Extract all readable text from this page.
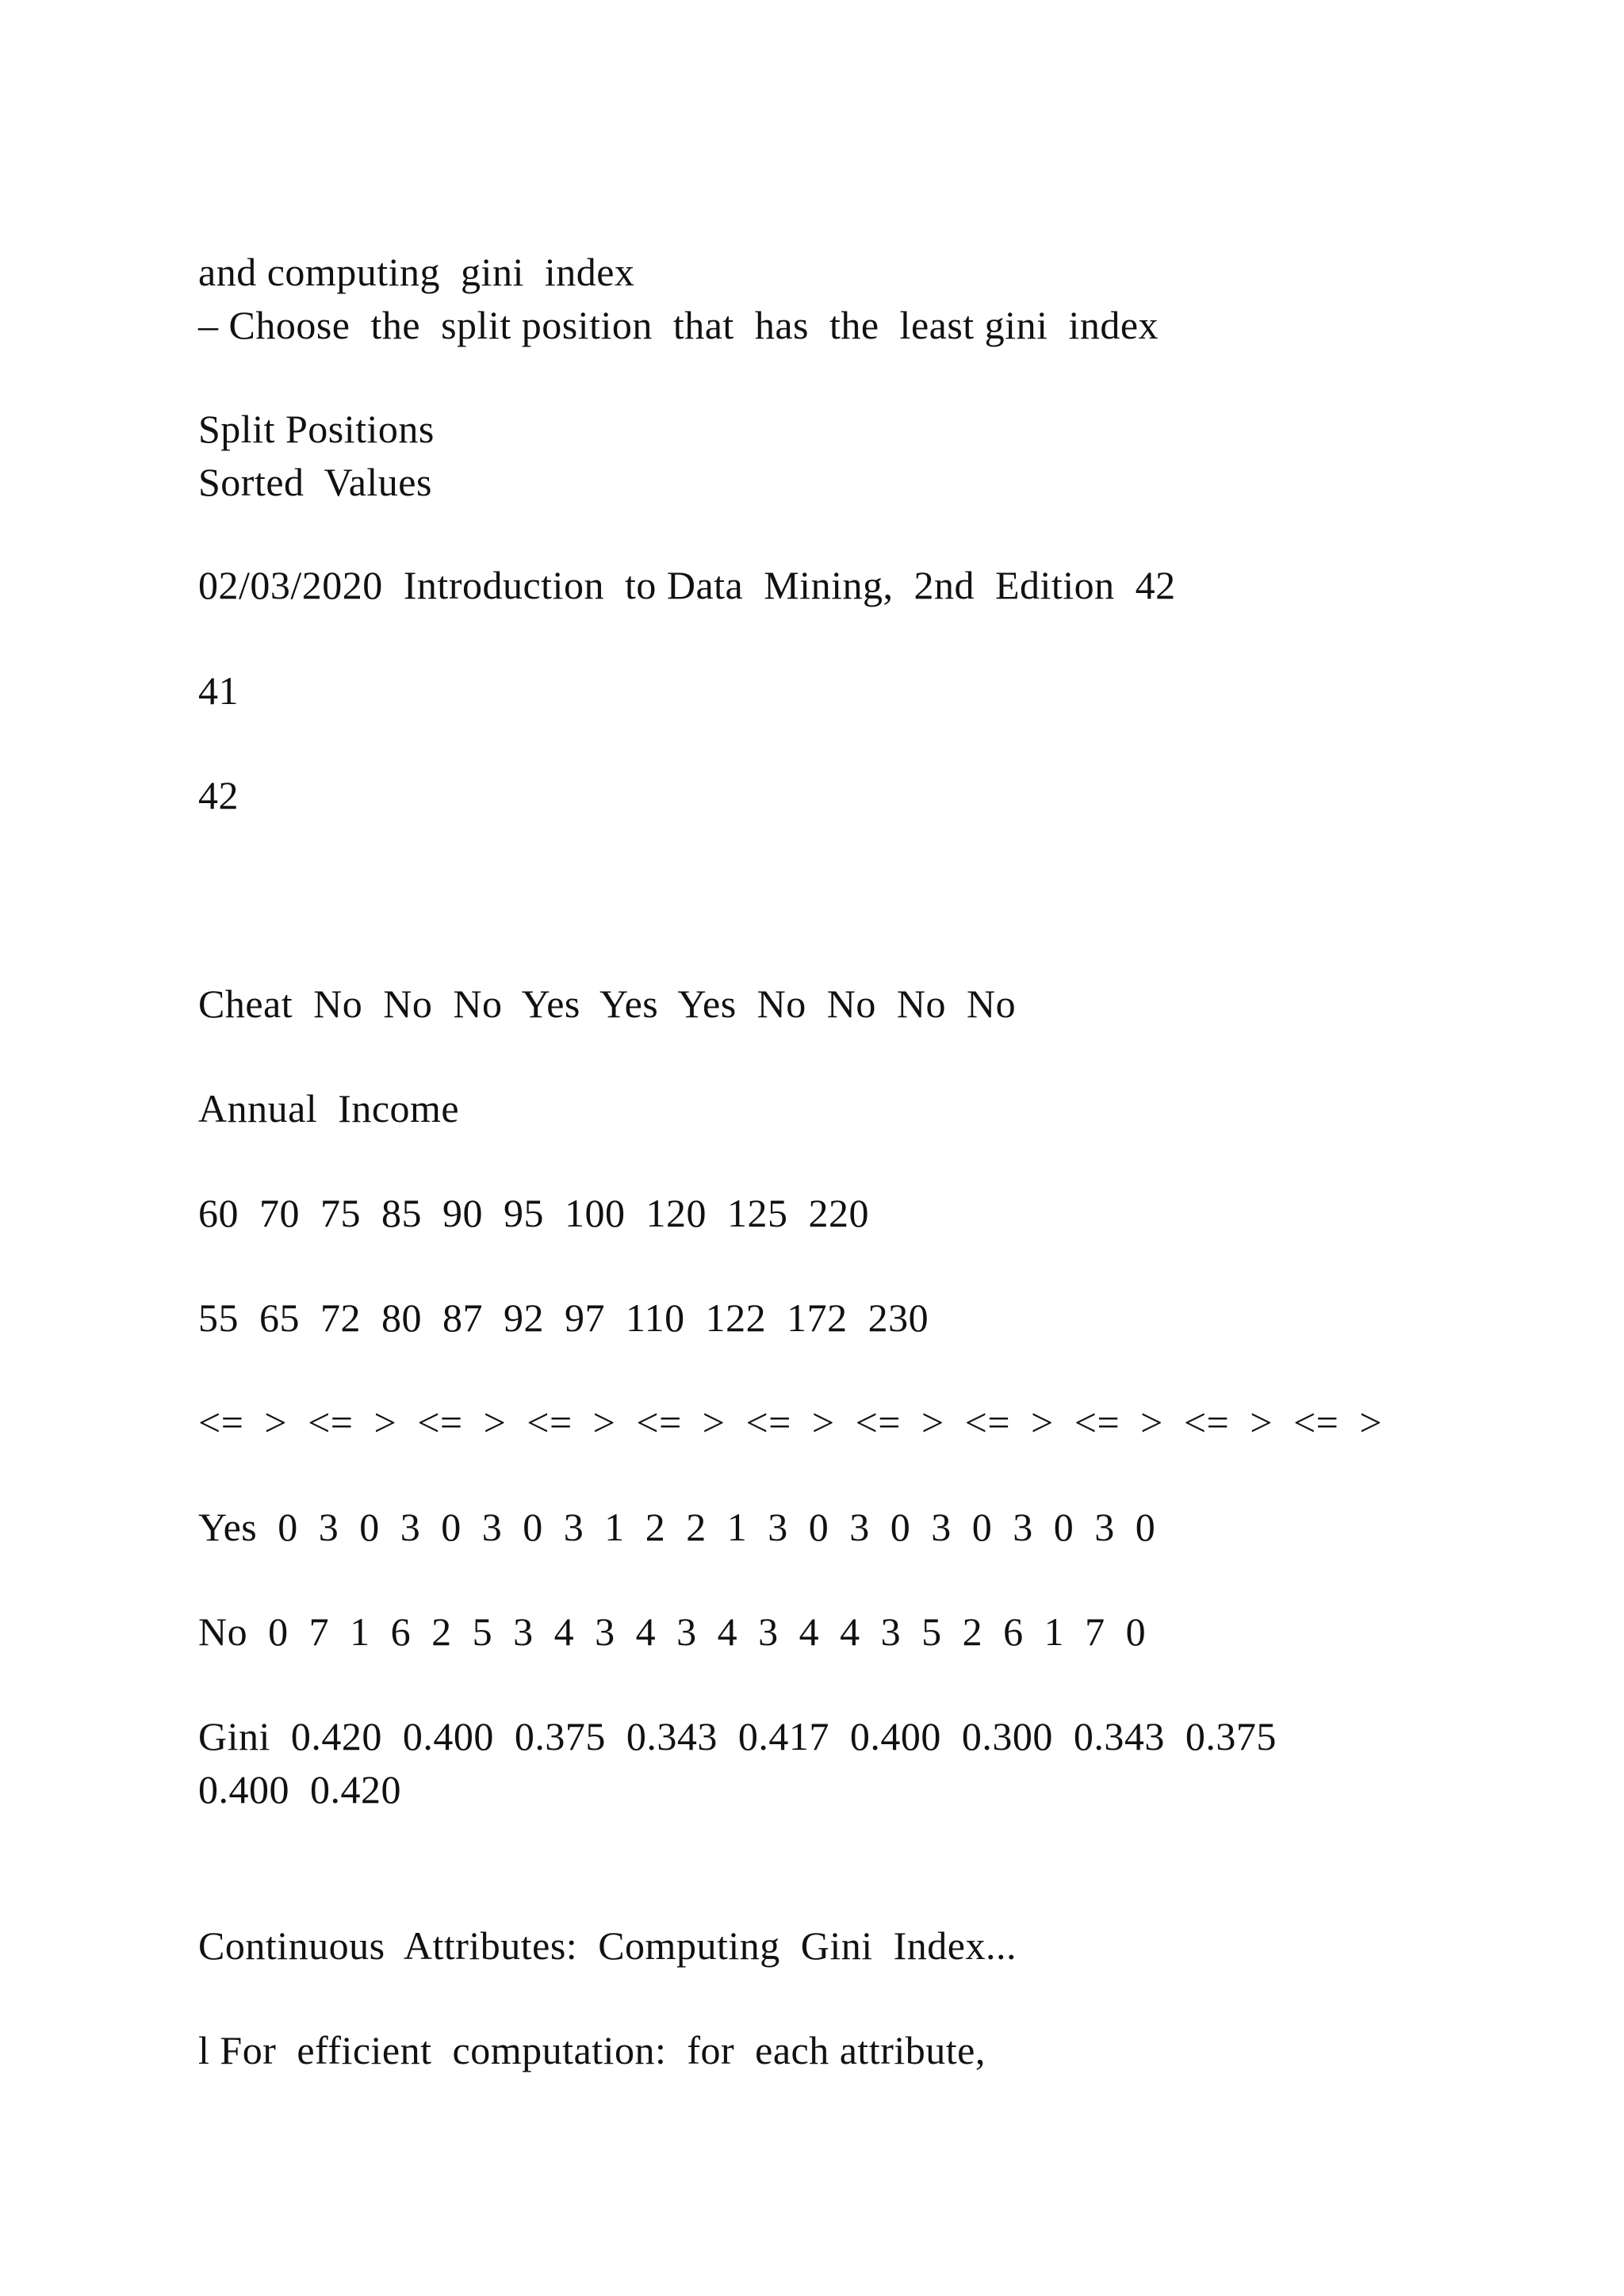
and computing  gini  index
– Choose  the  split position  that  has  the  least gini  index
Split Positions
Sorted  Values
02/03/2020  Introduction  to Data  Mining,  2nd  Edition  42
41
42
Cheat  No  No  No  Yes  Yes  Yes  No  No  No  No
Annual  Income
60  70  75  85  90  95  100  120  125  220
55  65  72  80  87  92  97  110  122  172  230
<=  >  <=  >  <=  >  <=  >  <=  >  <=  >  <=  >  <=  >  <=  >  <=  >  <=  >
Yes  0  3  0  3  0  3  0  3  1  2  2  1  3  0  3  0  3  0  3  0  3  0
No  0  7  1  6  2  5  3  4  3  4  3  4  3  4  4  3  5  2  6  1  7  0
Gini  0.420  0.400  0.375  0.343  0.417  0.400  0.300  0.343  0.375
0.400  0.420
Continuous  Attributes:  Computing  Gini  Index...
l For  efficient  computation:  for  each attribute,
